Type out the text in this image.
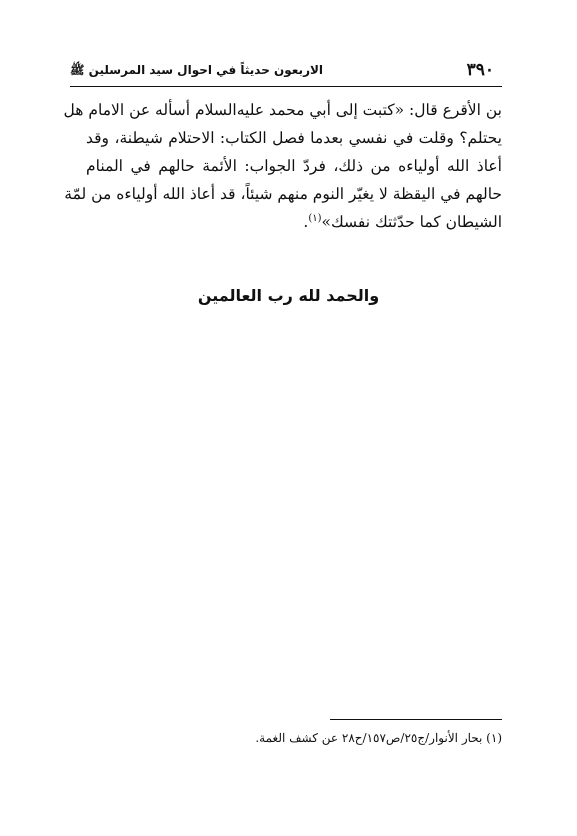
٣٩٠
الاربعون حديثاً في احوال سيد المرسلين ﷺ
بن الأقرع قال: «كتبت إلى أبي محمد عليه‌السلام أسأله عن الامام هل
يحتلم؟ وقلت في نفسي بعدما فصل الكتاب: الاحتلام شيطنة، وقد
أعاذ الله أولياءه من ذلك، فردّ الجواب: الأئمة حالهم في المنام
حالهم في اليقظة لا يغيّر النوم منهم شيئاً، قد أعاذ الله أولياءه من لمّة
الشيطان كما حدّثتك نفسك»$^{(١)}$.
والحمد لله رب العالمين
(١) بحار الأنوار/ج٢٥/ص١٥٧/ح٢٨ عن كشف الغمة.
